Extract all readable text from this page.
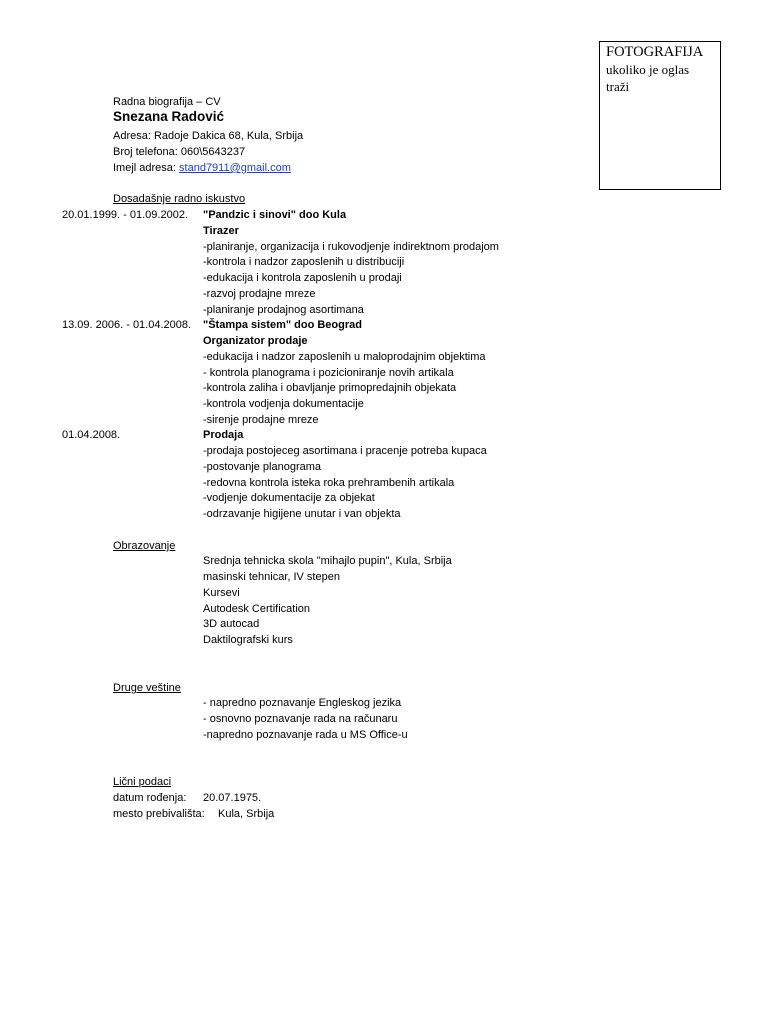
FOTOGRAFIJA
ukoliko je oglas traži
Radna biografija – CV
Snezana Radović
Adresa: Radoje Dakica 68, Kula, Srbija
Broj telefona: 060\5643237
Imejl adresa: stand7911@gmail.com
Dosadašnje radno iskustvo
20.01.1999. - 01.09.2002. "Pandzic i sinovi" doo Kula
Tirazer
-planiranje, organizacija i rukovodjenje indirektnom prodajom
-kontrola i nadzor zaposlenih u distribuciji
-edukacija i kontrola zaposlenih u prodaji
-razvoj prodajne mreze
-planiranje prodajnog asortimana
13.09. 2006. - 01.04.2008. "Štampa sistem" doo Beograd
Organizator prodaje
-edukacija i nadzor zaposlenih u maloprodajnim objektima
- kontrola planograma i pozicioniranje novih artikala
-kontrola zaliha i obavljanje primopredajnih objekata
-kontrola vodjenja dokumentacije
-sirenje prodajne mreze
01.04.2008.	Prodaja
-prodaja postojeceg asortimana i pracenje potreba kupaca
-postovanje planograma
-redovna kontrola isteka roka prehrambenih artikala
-vodjenje dokumentacije za objekat
-odrzavanje higijene unutar i van objekta
Obrazovanje
Srednja tehnicka skola "mihajlo pupin", Kula, Srbija
masinski tehnicar, IV stepen
Kursevi
Autodesk Certification
3D autocad
Daktilografski kurs
Druge veštine
- napredno poznavanje Engleskog jezika
- osnovno poznavanje rada na računaru
-napredno poznavanje rada u MS Office-u
Lični podaci
datum rođenja: 20.07.1975.
mesto prebivališta: Kula, Srbija
